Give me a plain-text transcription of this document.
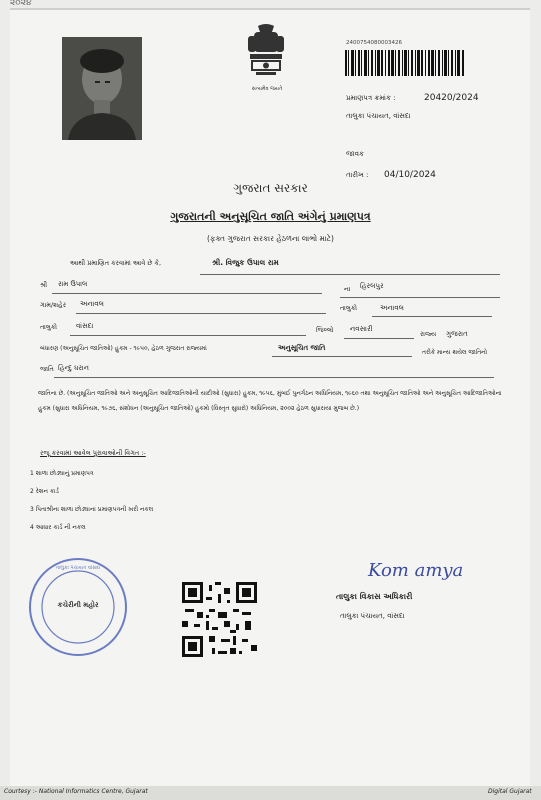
૨૦૨૪
સત્યમેવ જયતે
2400754080003426
પ્રમાણપત્ર ક્રમાંક :	20420/2024
તાલુકા પંચાયત, વાંસદા
જાવક
તારીખ : 04/10/2024
ગુજરાત સરકાર
ગુજરાતની અનુસૂચિત જાતિ અંગેનું પ્રમાણપત્ર
(ફક્ત ગુજરાત સરકાર હેઠળના લાભો માટે)
આથી પ્રમાણિત કરવામાં આવે છે કે,	શ્રી. વિજુક ઉપાલ રામ
શ્રી રામ ઉપાલ
ના હિરલપુર
ગામ/શહેર અનાવલ	તાલુકો	અનાવલ
તાલુકો	વાંસદા	જિલ્લો નવસારી
રાજ્ય ગુજરાત
બંધારણ (અનુસૂચિત જાતિઓ) હુકમ - ૧૯૫૦, હેઠળ ગુજરાત રાજ્યમાં	અનુસૂચિત જાતિ
તરીકે માન્ય થયેલ જાતિનો
જાતિ હિન્દુ ધરાન
જાતિના છે. (અનુસૂચિત જાતિઓ અને અનુસૂચિત આદિજાતિઓની યાદીઓ (સુધારા) હુકમ, ૧૯૫૬, મુંબઈ પુનર્ગઠન અધિનિયમ, ૧૯૬૦ તથા અનુસૂચિત જાતિઓ અને અનુસૂચિત આદિજાતિઓના હુકમ (સુધારા અધિનિયમ, ૧૯૭૬, સંશોધન (અનુસૂચિત જાતિઓ) હુકમો (વિસ્તૃત સુધારો) અધિનિયમ, ૨૦૦૨ હેઠળ સુધારાયા મુજબ છે.)
રજૂ કરવામાં આવેલ પુરાવાઓની વિગત :-
1 શાળા છોડ્યાનું પ્રમાણપત્ર
2 રેશન કાર્ડ
3 પિતાશ્રીના શાળા છોડ્યાના પ્રમાણપત્રની ખરી નકલ
4 આધાર કાર્ડ ની નકલ
તાલુકા પંચાયત વાંસદા
કચેરીની મહોર
Kom amya
તાલુકા વિકાસ અધિકારી
તાલુકા પંચાયત, વાંસદા
Courtesy :- National Informatics Centre, Gujarat	Digital Gujarat
